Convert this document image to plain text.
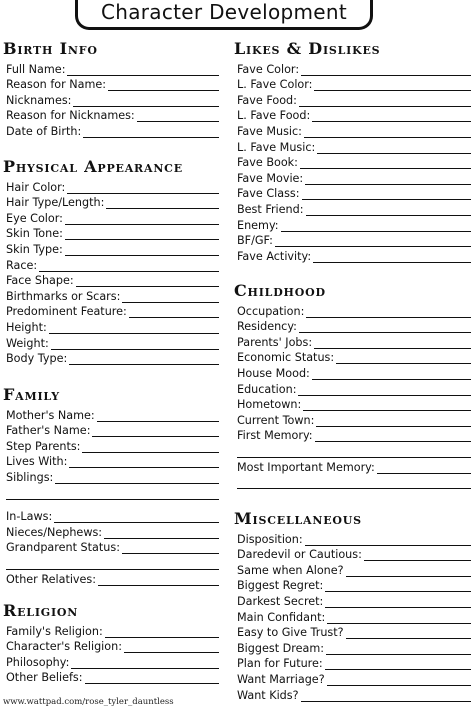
Character Development
Birth Info
Full Name:
Reason for Name:
Nicknames:
Reason for Nicknames:
Date of Birth:
Physical Appearance
Hair Color:
Hair Type/Length:
Eye Color:
Skin Tone:
Skin Type:
Race:
Face Shape:
Birthmarks or Scars:
Predominent Feature:
Height:
Weight:
Body Type:
Family
Mother's Name:
Father's Name:
Step Parents:
Lives With:
Siblings:
In-Laws:
Nieces/Nephews:
Grandparent Status:
Other Relatives:
Religion
Family's Religion:
Character's Religion:
Philosophy:
Other Beliefs:
Likes & Dislikes
Fave Color:
L. Fave Color:
Fave Food:
L. Fave Food:
Fave Music:
L. Fave Music:
Fave Book:
Fave Movie:
Fave Class:
Best Friend:
Enemy:
BF/GF:
Fave Activity:
Childhood
Occupation:
Residency:
Parents' Jobs:
Economic Status:
House Mood:
Education:
Hometown:
Current Town:
First Memory:
Most Important Memory:
Miscellaneous
Disposition:
Daredevil or Cautious:
Same when Alone?
Biggest Regret:
Darkest Secret:
Main Confidant:
Easy to Give Trust?
Biggest Dream:
Plan for Future:
Want Marriage?
Want Kids?
www.wattpad.com/rose_tyler_dauntless
